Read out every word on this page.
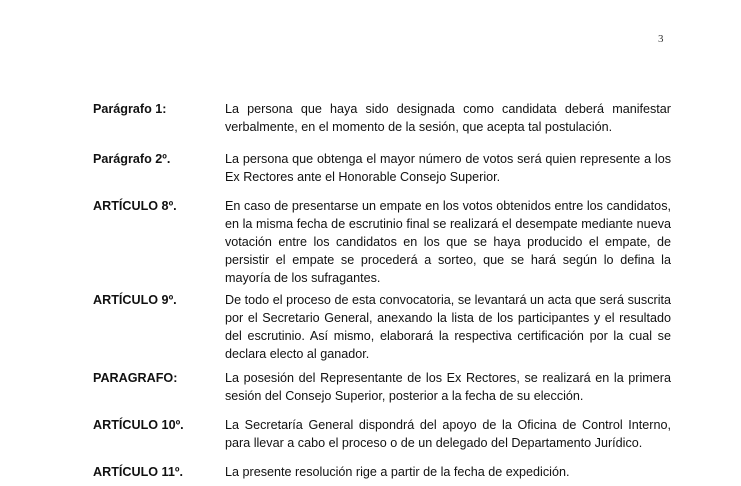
3
Parágrafo 1:	La persona que haya sido designada como candidata deberá manifestar verbalmente, en el momento de la sesión, que acepta tal postulación.
Parágrafo 2º.	La persona que obtenga el mayor número de votos será quien represente a los Ex Rectores ante el Honorable Consejo Superior.
ARTÍCULO 8º.	En caso de presentarse un empate en los votos obtenidos entre los candidatos, en la misma fecha de escrutinio final se realizará el desempate mediante nueva votación entre los candidatos en los que se haya producido el empate, de persistir el empate se procederá a sorteo, que se hará según lo defina la mayoría de los sufragantes.
ARTÍCULO 9º.	De todo el proceso de esta convocatoria, se levantará un acta que será suscrita por el Secretario General, anexando la lista de los participantes y el resultado del escrutinio. Así mismo, elaborará la respectiva certificación por la cual se declara electo al ganador.
PARAGRAFO:	La posesión del Representante de los Ex Rectores, se realizará en la primera sesión del Consejo Superior, posterior a la fecha de su elección.
ARTÍCULO 10º.	La Secretaría General dispondrá del apoyo de la Oficina de Control Interno, para llevar a cabo el proceso o de un delegado del Departamento Jurídico.
ARTÍCULO 11º.	La presente resolución rige a partir de la fecha de expedición.
